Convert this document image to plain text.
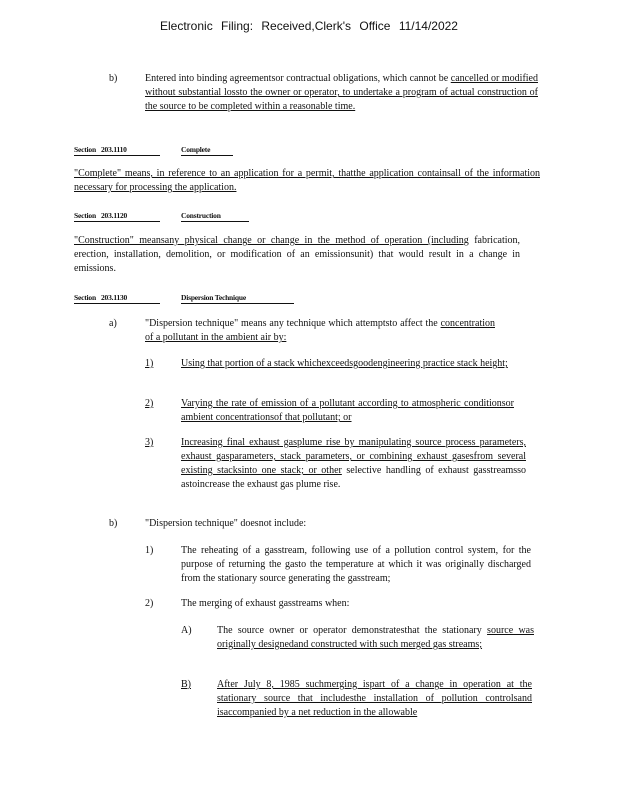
Electronic Filing: Received,Clerk's Office 11/14/2022
b)	Entered into binding agreementsor contractual obligations, which cannot be cancelled or modified without substantial lossto the owner or operator, to undertake a program of actual construction of the source to be completed within a reasonable time.

Section 203.1110	Complete

"Complete" means, in reference to an application for a permit, thatthe application containsall of the information necessary for processing the application.

Section 203.1120	Construction

"Construction" meansany physical change or change in the method of operation (including fabrication, erection, installation, demolition, or modification of an emissionsunit) that would result in a change in emissions.

Section 203.1130	Dispersion Technique
a)	"Dispersion technique" means any technique which attemptsto affect the concentration of a pollutant in the ambient air by:

1)	Using that portion of a stack whichexceedsgoodengineering practice stack height;

2)	Varying the rate of emission of a pollutant according to atmospheric conditionsor ambient concentrationsof that pollutant; or

3)	Increasing final exhaust gasplume rise by manipulating source process parameters, exhaust gasparameters, stack parameters, or combining exhaust gasesfrom several existing stacksinto one stack; or other selective handling of exhaust gasstreamsso astoincrease the exhaust gas plume rise.

b)	"Dispersion technique" doesnot include:

1)	The reheating of a gasstream, following use of a pollution control system, for the purpose of returning the gasto the temperature at which it was originally discharged from the stationary source generating the gasstream;

2)	The merging of exhaust gasstreams when:

A)	The source owner or operator demonstratesthat the stationary source was originally designedand constructed with such merged gas streams;

B)	After July 8, 1985 suchmerging ispart of a change in operation at the stationary source that includesthe installation of pollution controlsand isaccompanied by a net reduction in the allowable
